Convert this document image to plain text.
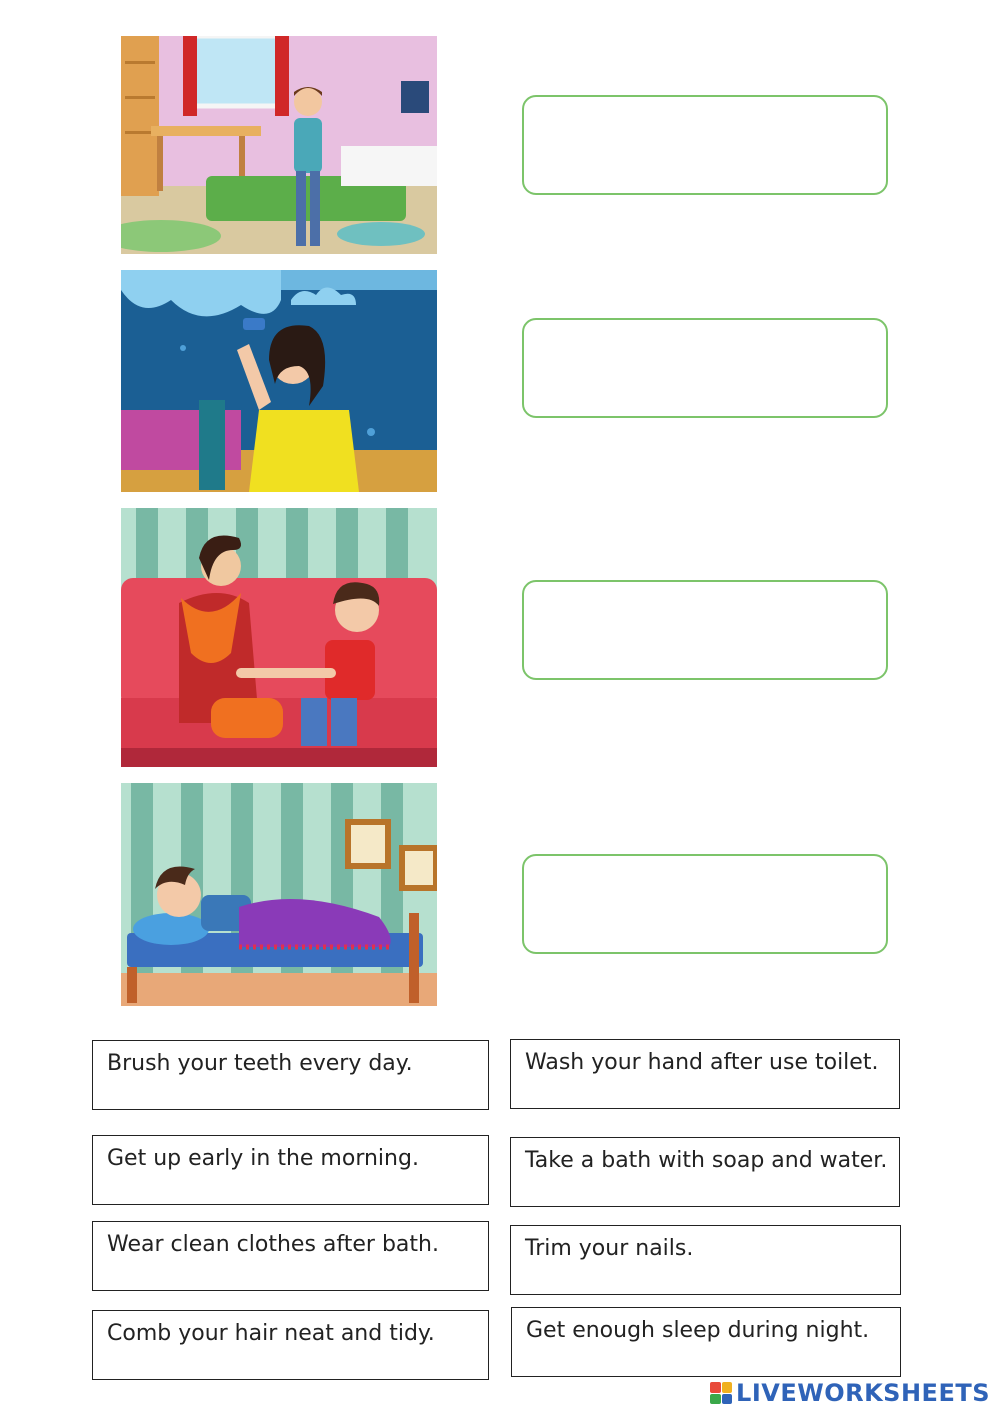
Brush your teeth every day.	Wash your hand after use toilet.
Get up early in the morning.	Take a bath with soap and water.
Wear clean clothes after bath.	Trim your nails.
Comb your hair neat and tidy.	Get enough sleep during night.
LIVEWORKSHEETS
